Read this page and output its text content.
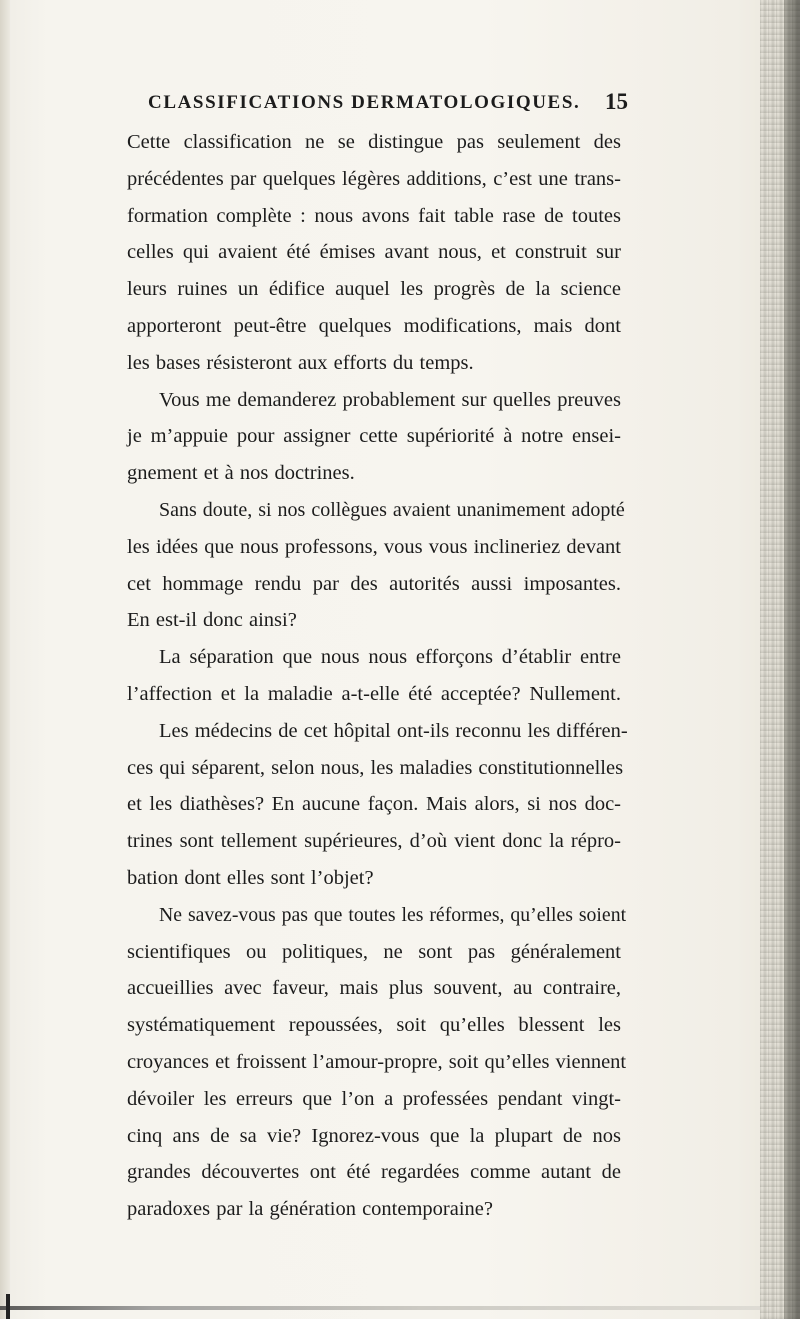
CLASSIFICATIONS DERMATOLOGIQUES. 15
Cette classification ne se distingue pas seulement des
précédentes par quelques légères additions, c’est une trans-
formation complète : nous avons fait table rase de toutes
celles qui avaient été émises avant nous, et construit sur
leurs ruines un édifice auquel les progrès de la science
apporteront peut-être quelques modifications, mais dont
les bases résisteront aux efforts du temps.
Vous me demanderez probablement sur quelles preuves
je m’appuie pour assigner cette supériorité à notre ensei-
gnement et à nos doctrines.
Sans doute, si nos collègues avaient unanimement adopté
les idées que nous professons, vous vous inclineriez devant
cet hommage rendu par des autorités aussi imposantes.
En est-il donc ainsi?
La séparation que nous nous efforçons d’établir entre
l’affection et la maladie a-t-elle été acceptée? Nullement.
Les médecins de cet hôpital ont-ils reconnu les différen-
ces qui séparent, selon nous, les maladies constitutionnelles
et les diathèses? En aucune façon. Mais alors, si nos doc-
trines sont tellement supérieures, d’où vient donc la répro-
bation dont elles sont l’objet?
Ne savez-vous pas que toutes les réformes, qu’elles soient
scientifiques ou politiques, ne sont pas généralement
accueillies avec faveur, mais plus souvent, au contraire,
systématiquement repoussées, soit qu’elles blessent les
croyances et froissent l’amour-propre, soit qu’elles viennent
dévoiler les erreurs que l’on a professées pendant vingt-
cinq ans de sa vie? Ignorez-vous que la plupart de nos
grandes découvertes ont été regardées comme autant de
paradoxes par la génération contemporaine?
